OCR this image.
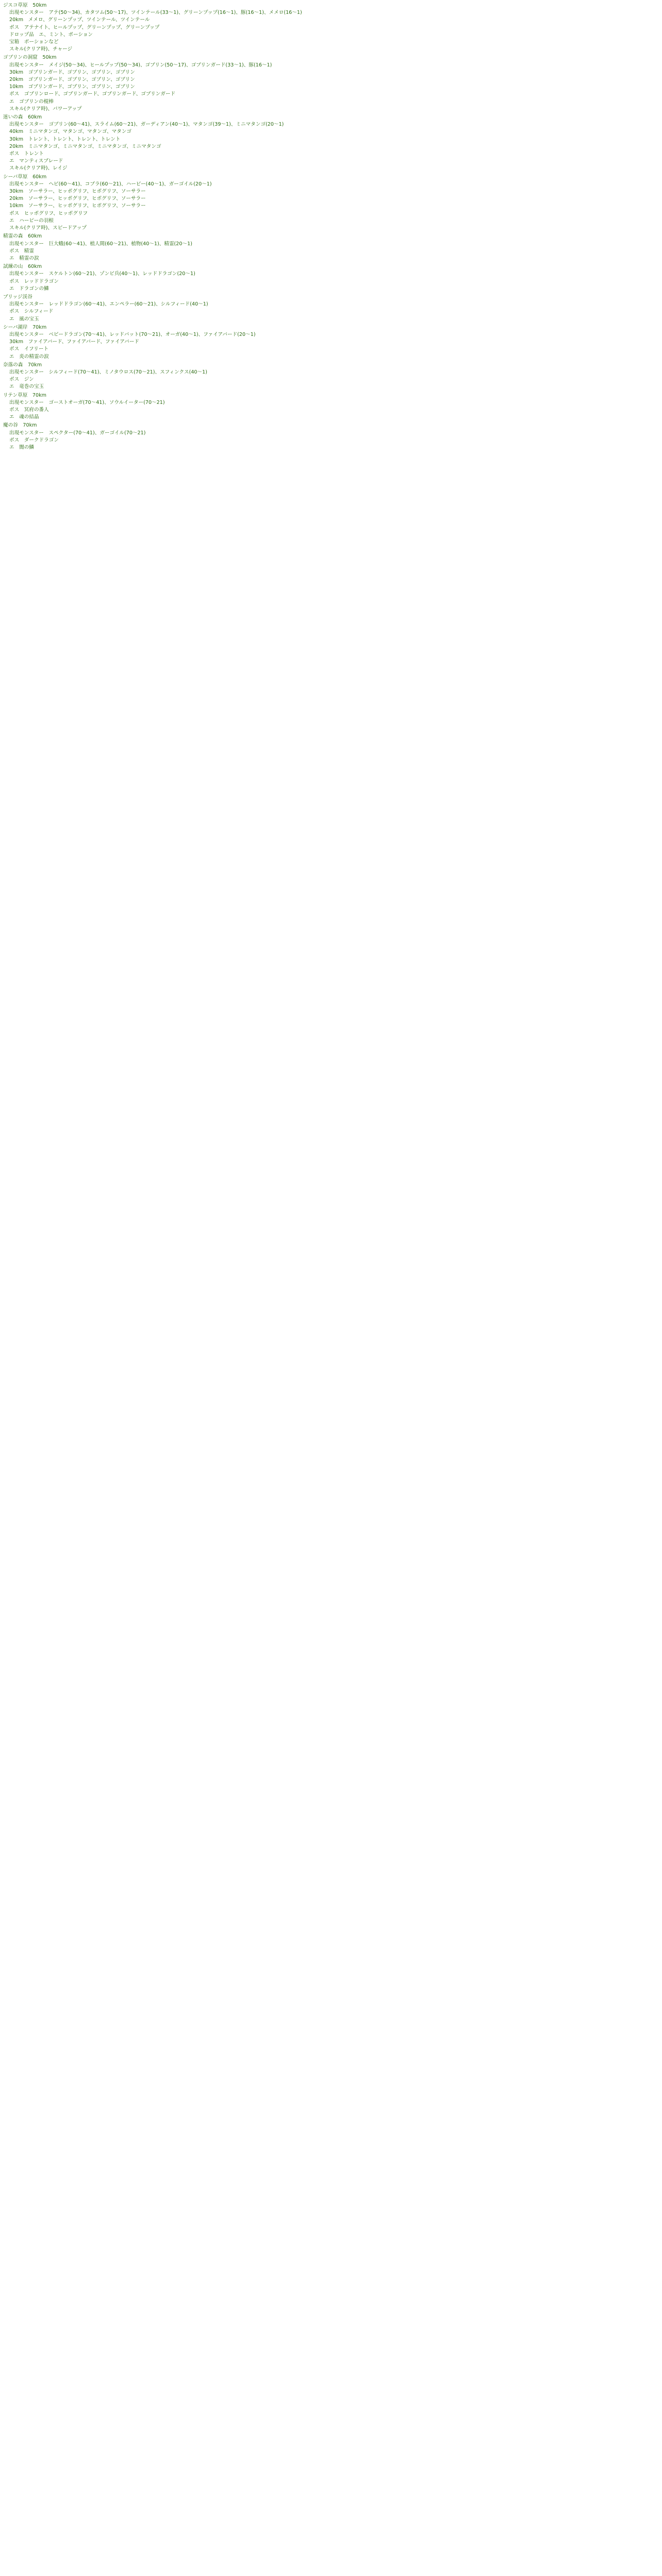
ジスコ草原　50km
出現モンスター　アテ(50〜34)、カタツム(50〜17)、ツインテール(33〜1)、グリーンプップ(16〜1)、豚(16〜1)、メメロ(16〜1)
20km　メメロ、グリーンプップ、ツインテール、ツインテール
ボス　アテナイト、ヒールプップ、グリーンプップ、グリーンプップ
ドロップ品　エ、ミント、ポーション
宝箱　ポーションなど
スキル(クリア時)、チャージ
ゴブリンの洞窟　50km
出現モンスター　メイジ(50〜34)、ヒールプップ(50〜34)、ゴブリン(50〜17)、ゴブリンガード(33〜1)、豚(16〜1)
30km　ゴブリンガード、ゴブリン、ゴブリン、ゴブリン
20km　ゴブリンガード、ゴブリン、ゴブリン、ゴブリン
10km　ゴブリンガード、ゴブリン、ゴブリン、ゴブリン
ボス　ゴブリンロード、ゴブリンガード、ゴブリンガード、ゴブリンガード
エ　ゴブリンの棍棒
スキル(クリア時)、パワーアップ
迷いの森　60km
出現モンスター　ゴブリン(60〜41)、スライム(60〜21)、ガーディアン(40〜1)、マタンゴ(39〜1)、ミニマタンゴ(20〜1)
40km　ミニマタンゴ、マタンゴ、マタンゴ、マタンゴ
30km　トレント、トレント、トレント、トレント
20km　ミニマタンゴ、ミニマタンゴ、ミニマタンゴ、ミニマタンゴ
ボス　トレント
エ　マンティスブレード
スキル(クリア時)、レイジ
シーバ草原　60km
出現モンスター　ヘビ(60〜41)、コブラ(60〜21)、ハーピー(40〜1)、ガーゴイル(20〜1)
30km　ソーサラー、ヒッポグリフ、ヒポグリフ、ソーサラー
20km　ソーサラー、ヒッポグリフ、ヒポグリフ、ソーサラー
10km　ソーサラー、ヒッポグリフ、ヒポグリフ、ソーサラー
ボス　ヒッポグリフ、ヒッポグリフ
エ　ハーピーの羽根
スキル(クリア時)、スピードアップ
精霊の森　60km
出現モンスター　巨大蛾(60〜41)、植人間(60〜21)、植物(40〜1)、精霊(20〜1)
ボス　精霊
エ　精霊の涙
試練の山　60km
出現モンスター　スケルトン(60〜21)、ゾンビ兵(40〜1)、レッドドラゴン(20〜1)
ボス　レッドドラゴン
エ　ドラゴンの鱗
ブリッジ渓谷
出現モンスター　レッドドラゴン(60〜41)、エンペラー(60〜21)、シルフィード(40〜1)
ボス　シルフィード
エ　風の宝玉
シーバ湖岸　70km
出現モンスター　ベビードラゴン(70〜41)、レッドバット(70〜21)、オーガ(40〜1)、ファイアバード(20〜1)
30km　ファイアバード、ファイアバード、ファイアバード
ボス　イフリート
エ　炎の精霊の涙
奈落の森　70km
出現モンスター　シルフィード(70〜41)、ミノタウロス(70〜21)、スフィンクス(40〜1)
ボス　ジン
エ　竜巻の宝玉
リテン草原　70km
出現モンスター　ゴーストオーガ(70〜41)、ソウルイーター(70〜21)
ボス　冥府の番人
エ　魂の結晶
魔の谷　70km
出現モンスター　スペクター(70〜41)、ガーゴイル(70〜21)
ボス　ダークドラゴン
エ　闇の鱗
